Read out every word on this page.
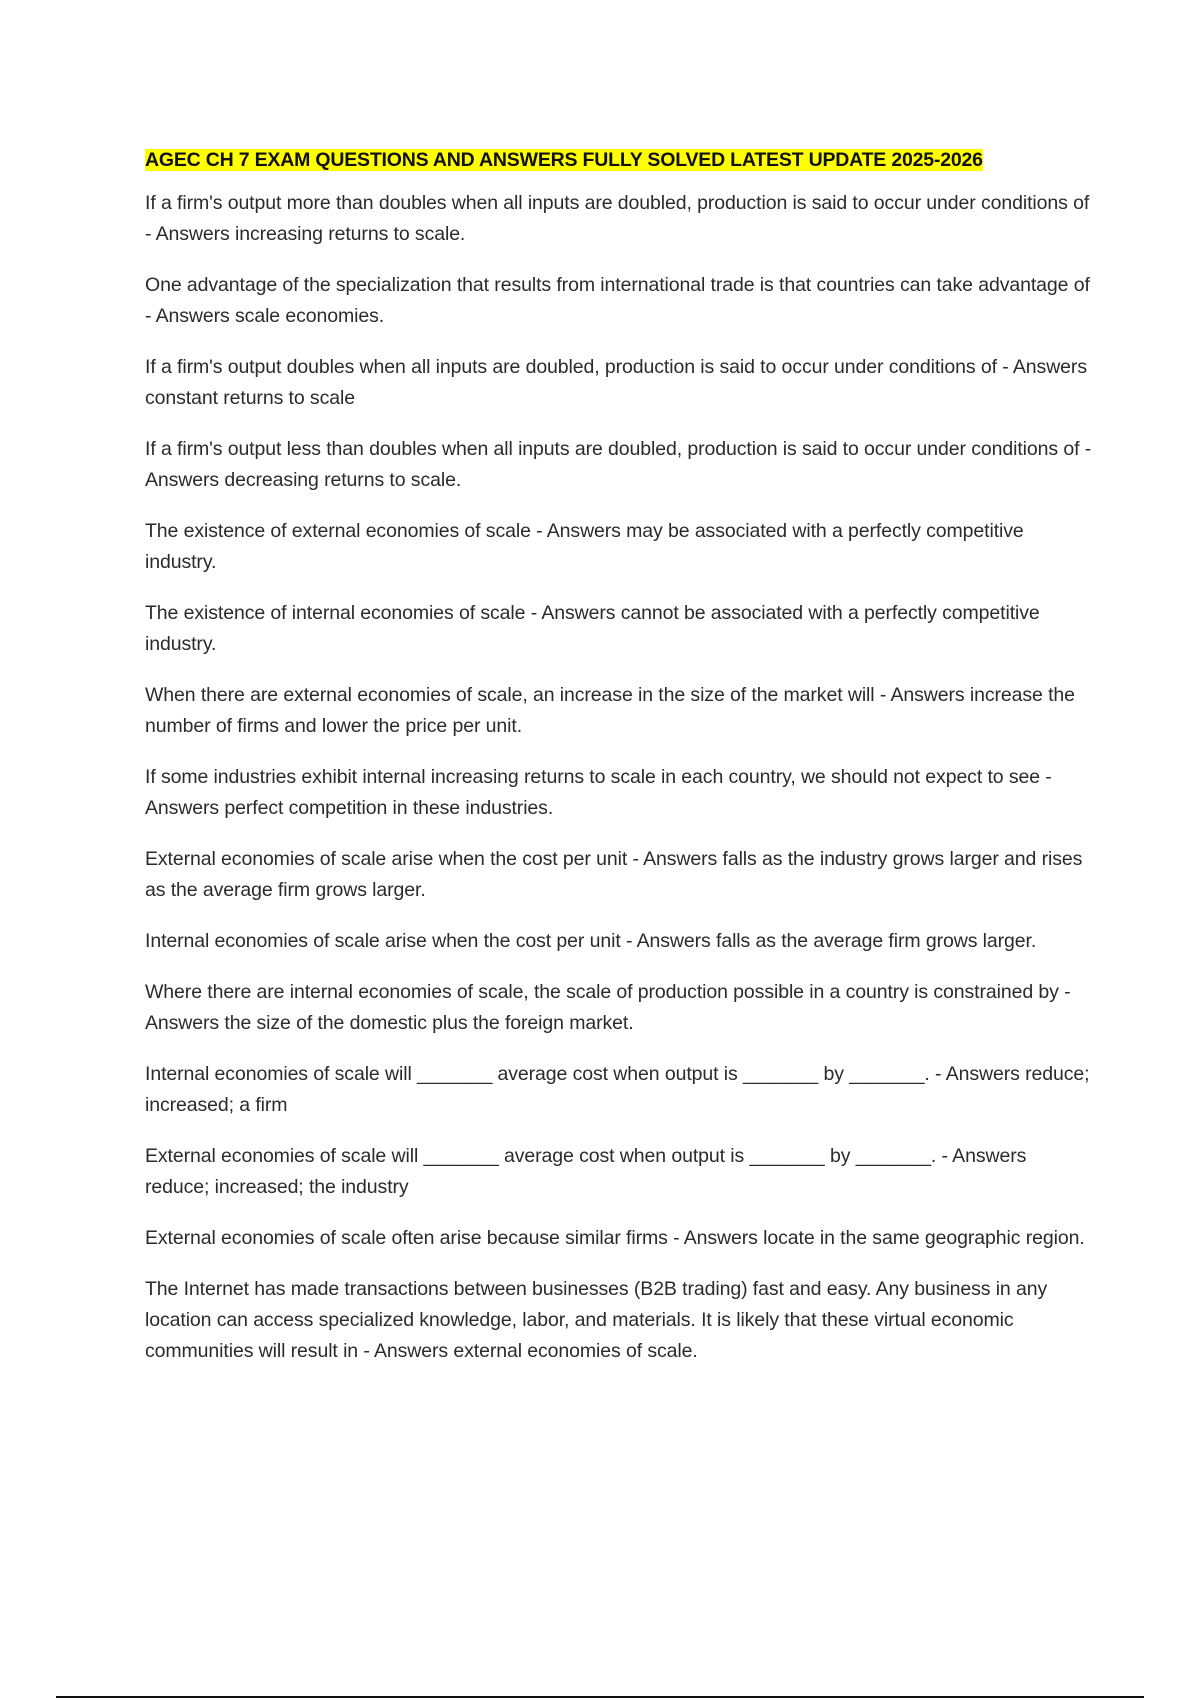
AGEC CH 7 EXAM QUESTIONS AND ANSWERS FULLY SOLVED LATEST UPDATE 2025-2026

If a firm's output more than doubles when all inputs are doubled, production is said to occur under conditions of - Answers increasing returns to scale.

One advantage of the specialization that results from international trade is that countries can take advantage of - Answers scale economies.

If a firm's output doubles when all inputs are doubled, production is said to occur under conditions of - Answers constant returns to scale

If a firm's output less than doubles when all inputs are doubled, production is said to occur under conditions of - Answers decreasing returns to scale.

The existence of external economies of scale - Answers may be associated with a perfectly competitive industry.

The existence of internal economies of scale - Answers cannot be associated with a perfectly competitive industry.

When there are external economies of scale, an increase in the size of the market will - Answers increase the number of firms and lower the price per unit.

If some industries exhibit internal increasing returns to scale in each country, we should not expect to see - Answers perfect competition in these industries.

External economies of scale arise when the cost per unit - Answers falls as the industry grows larger and rises as the average firm grows larger.

Internal economies of scale arise when the cost per unit - Answers falls as the average firm grows larger.

Where there are internal economies of scale, the scale of production possible in a country is constrained by - Answers the size of the domestic plus the foreign market.

Internal economies of scale will _______ average cost when output is _______ by _______. - Answers reduce; increased; a firm

External economies of scale will _______ average cost when output is _______ by _______. - Answers reduce; increased; the industry

External economies of scale often arise because similar firms - Answers locate in the same geographic region.

The Internet has made transactions between businesses (B2B trading) fast and easy. Any business in any location can access specialized knowledge, labor, and materials. It is likely that these virtual economic communities will result in - Answers external economies of scale.
